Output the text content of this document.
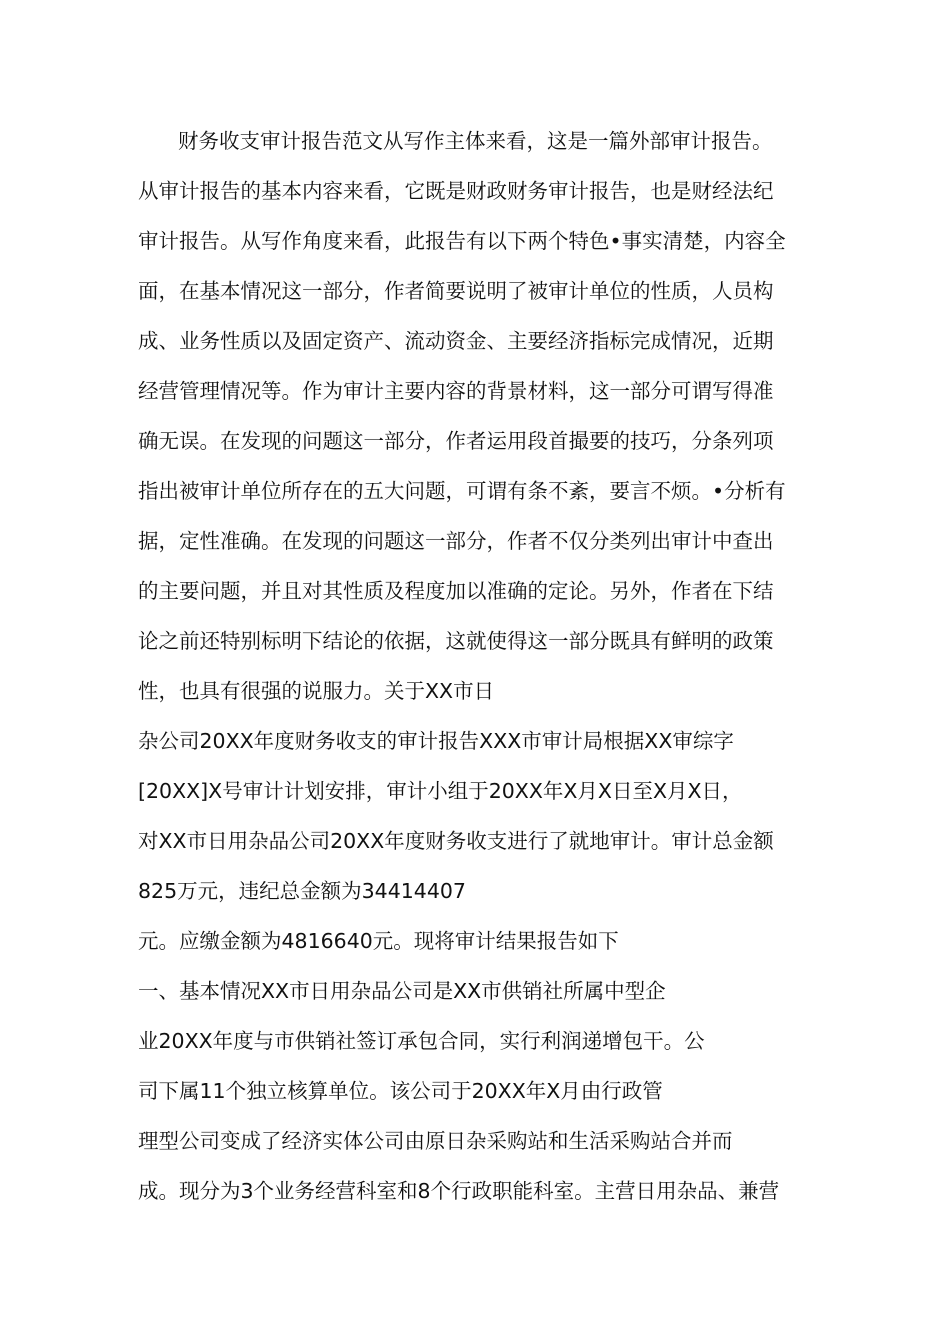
财务收支审计报告范文从写作主体来看，这是一篇外部审计报告。

从审计报告的基本内容来看，它既是财政财务审计报告，也是财经法纪

审计报告。从写作角度来看，此报告有以下两个特色•事实清楚，内容全

面，在基本情况这一部分，作者简要说明了被审计单位的性质，人员构

成、业务性质以及固定资产、流动资金、主要经济指标完成情况，近期

经营管理情况等。作为审计主要内容的背景材料，这一部分可谓写得准

确无误。在发现的问题这一部分，作者运用段首撮要的技巧，分条列项

指出被审计单位所存在的五大问题，可谓有条不紊，要言不烦。•分析有

据，定性准确。在发现的问题这一部分，作者不仅分类列出审计中查出

的主要问题，并且对其性质及程度加以准确的定论。另外，作者在下结

论之前还特别标明下结论的依据，这就使得这一部分既具有鲜明的政策

性，也具有很强的说服力。关于XX市日

杂公司20XX年度财务收支的审计报告XXX市审计局根据XX审综字

[20XX]X号审计计划安排，审计小组于20XX年X月X日至X月X日，

对XX市日用杂品公司20XX年度财务收支进行了就地审计。审计总金额

825万元，违纪总金额为34414407

元。应缴金额为4816640元。现将审计结果报告如下

一、基本情况XX市日用杂品公司是XX市供销社所属中型企

业20XX年度与市供销社签订承包合同，实行利润递增包干。公

司下属11个独立核算单位。该公司于20XX年X月由行政管

理型公司变成了经济实体公司由原日杂采购站和生活采购站合并而

成。现分为3个业务经营科室和8个行政职能科室。主营日用杂品、兼营
